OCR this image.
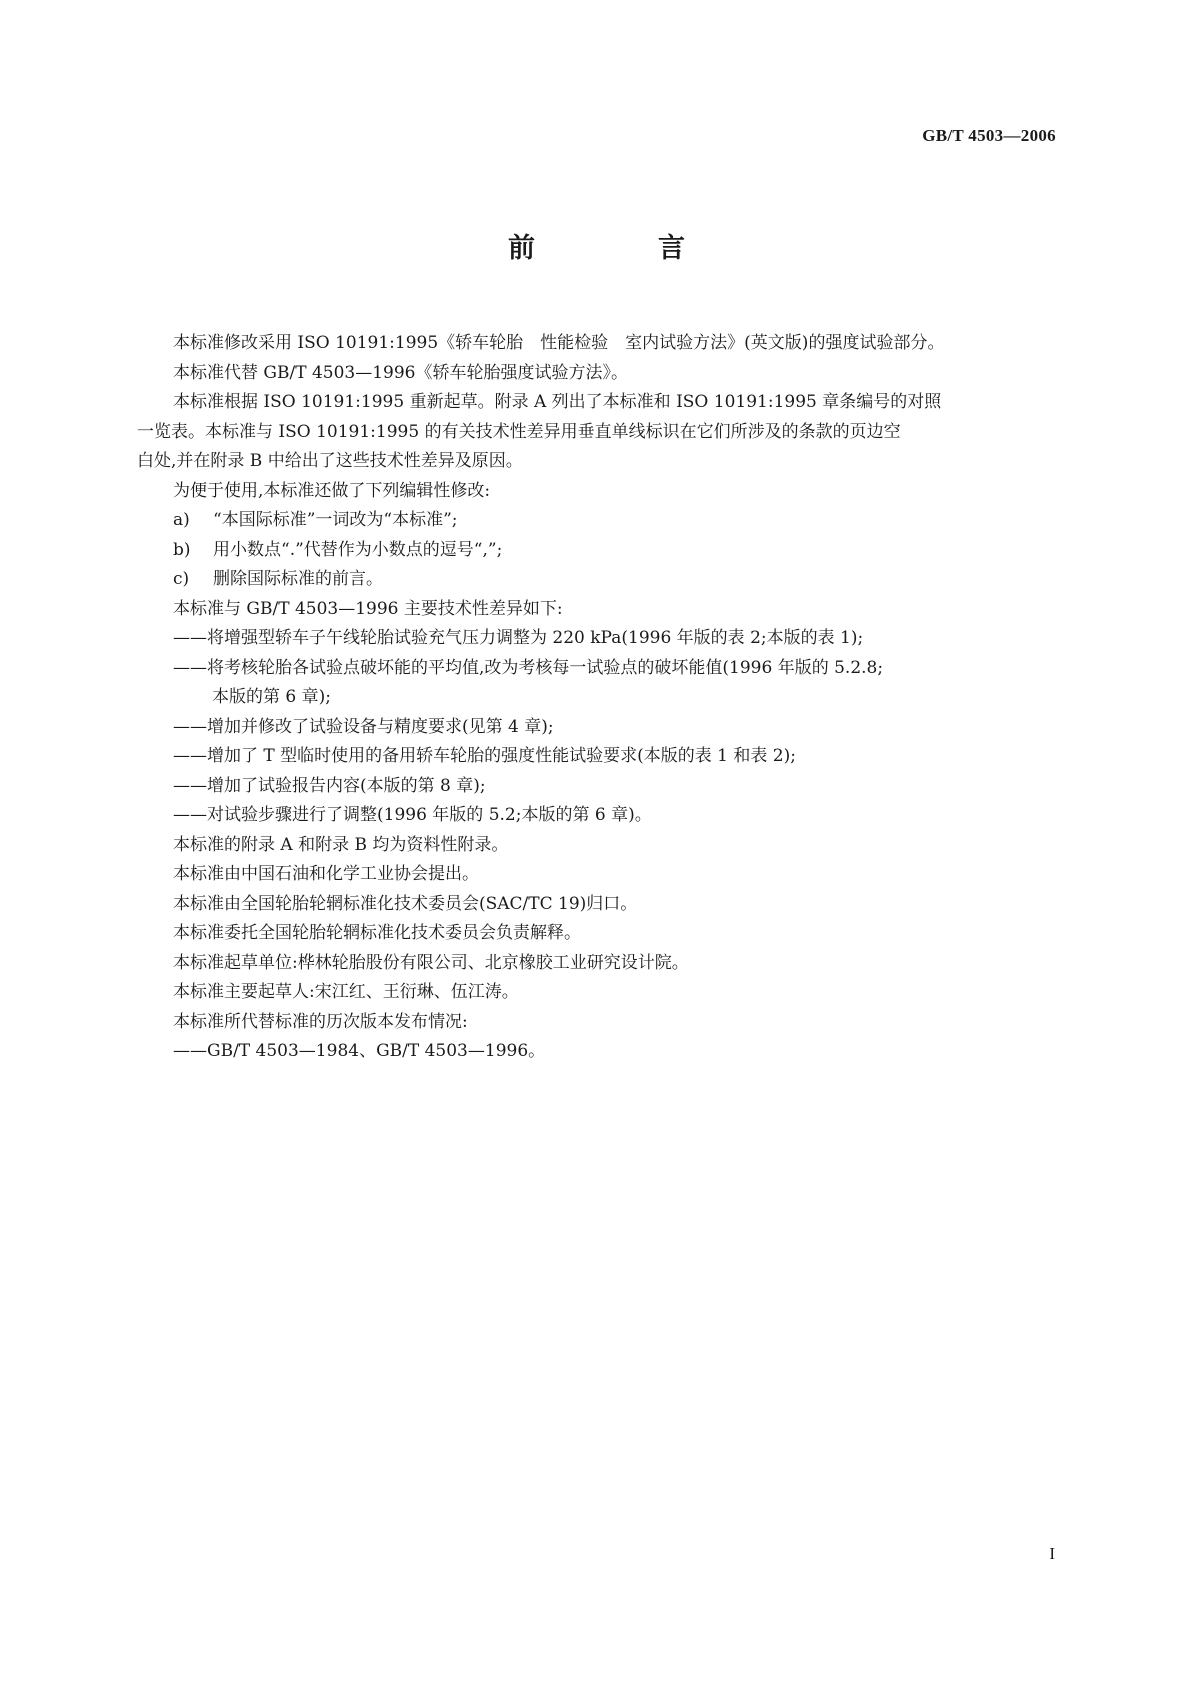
GB/T 4503—2006
前　言
本标准修改采用 ISO 10191:1995《轿车轮胎　性能检验　室内试验方法》(英文版)的强度试验部分。
本标准代替 GB/T 4503—1996《轿车轮胎强度试验方法》。
本标准根据 ISO 10191:1995 重新起草。附录 A 列出了本标准和 ISO 10191:1995 章条编号的对照
一览表。本标准与 ISO 10191:1995 的有关技术性差异用垂直单线标识在它们所涉及的条款的页边空
白处,并在附录 B 中给出了这些技术性差异及原因。
为便于使用,本标准还做了下列编辑性修改:
a) “本国际标准”一词改为“本标准”;
b) 用小数点“.”代替作为小数点的逗号“,”;
c) 删除国际标准的前言。
本标准与 GB/T 4503—1996 主要技术性差异如下:
——将增强型轿车子午线轮胎试验充气压力调整为 220 kPa(1996 年版的表 2;本版的表 1);
——将考核轮胎各试验点破坏能的平均值,改为考核每一试验点的破坏能值(1996 年版的 5.2.8;
本版的第 6 章);
——增加并修改了试验设备与精度要求(见第 4 章);
——增加了 T 型临时使用的备用轿车轮胎的强度性能试验要求(本版的表 1 和表 2);
——增加了试验报告内容(本版的第 8 章);
——对试验步骤进行了调整(1996 年版的 5.2;本版的第 6 章)。
本标准的附录 A 和附录 B 均为资料性附录。
本标准由中国石油和化学工业协会提出。
本标准由全国轮胎轮辋标准化技术委员会(SAC/TC 19)归口。
本标准委托全国轮胎轮辋标准化技术委员会负责解释。
本标准起草单位:桦林轮胎股份有限公司、北京橡胶工业研究设计院。
本标准主要起草人:宋江红、王衍琳、伍江涛。
本标准所代替标准的历次版本发布情况:
——GB/T 4503—1984、GB/T 4503—1996。
I
